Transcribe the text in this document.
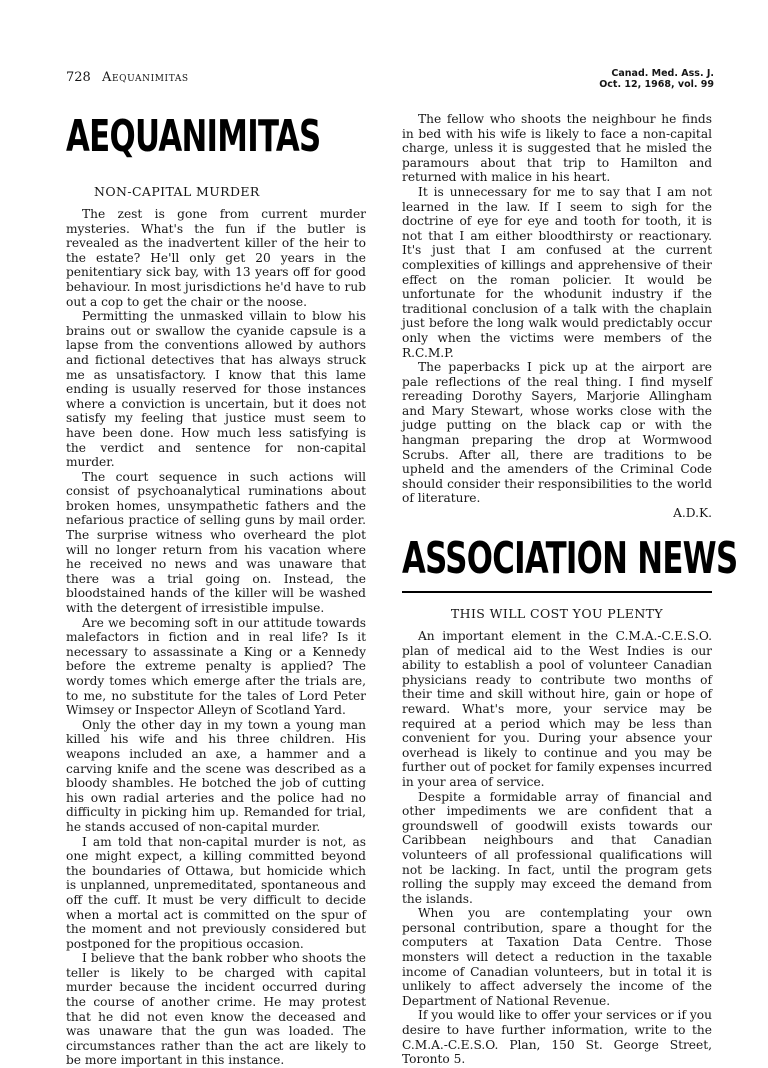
728 Aequanimitas	Canad. Med. Ass. J.
Oct. 12, 1968, vol. 99
AEQUANIMITAS
NON-CAPITAL MURDER

The zest is gone from current murder mysteries. What's the fun if the butler is revealed as the inadvertent killer of the heir to the estate? He'll only get 20 years in the penitentiary sick bay, with 13 years off for good behaviour. In most jurisdictions he'd have to rub out a cop to get the chair or the noose.

Permitting the unmasked villain to blow his brains out or swallow the cyanide capsule is a lapse from the conventions allowed by authors and fictional detectives that has always struck me as unsatisfactory. I know that this lame ending is usually reserved for those instances where a conviction is uncertain, but it does not satisfy my feeling that justice must seem to have been done. How much less satisfying is the verdict and sentence for non-capital murder.

The court sequence in such actions will consist of psychoanalytical ruminations about broken homes, unsympathetic fathers and the nefarious practice of selling guns by mail order. The surprise witness who overheard the plot will no longer return from his vacation where he received no news and was unaware that there was a trial going on. Instead, the bloodstained hands of the killer will be washed with the detergent of irresistible impulse.

Are we becoming soft in our attitude towards malefactors in fiction and in real life? Is it necessary to assassinate a King or a Kennedy before the extreme penalty is applied? The wordy tomes which emerge after the trials are, to me, no substitute for the tales of Lord Peter Wimsey or Inspector Alleyn of Scotland Yard.

Only the other day in my town a young man killed his wife and his three children. His weapons included an axe, a hammer and a carving knife and the scene was described as a bloody shambles. He botched the job of cutting his own radial arteries and the police had no difficulty in picking him up. Remanded for trial, he stands accused of non-capital murder.

I am told that non-capital murder is not, as one might expect, a killing committed beyond the boundaries of Ottawa, but homicide which is unplanned, unpremeditated, spontaneous and off the cuff. It must be very difficult to decide when a mortal act is committed on the spur of the moment and not previously considered but postponed for the propitious occasion.

I believe that the bank robber who shoots the teller is likely to be charged with capital murder because the incident occurred during the course of another crime. He may protest that he did not even know the deceased and was unaware that the gun was loaded. The circumstances rather than the act are likely to be more important in this instance.

The fellow who shoots the neighbour he finds in bed with his wife is likely to face a non-capital charge, unless it is suggested that he misled the paramours about that trip to Hamilton and returned with malice in his heart.

It is unnecessary for me to say that I am not learned in the law. If I seem to sigh for the doctrine of eye for eye and tooth for tooth, it is not that I am either bloodthirsty or reactionary. It's just that I am confused at the current complexities of killings and apprehensive of their effect on the roman policier. It would be unfortunate for the whodunit industry if the traditional conclusion of a talk with the chaplain just before the long walk would predictably occur only when the victims were members of the R.C.M.P.

The paperbacks I pick up at the airport are pale reflections of the real thing. I find myself rereading Dorothy Sayers, Marjorie Allingham and Mary Stewart, whose works close with the judge putting on the black cap or with the hangman preparing the drop at Wormwood Scrubs. After all, there are traditions to be upheld and the amenders of the Criminal Code should consider their responsibilities to the world of literature.

A.D.K.
ASSOCIATION NEWS
THIS WILL COST YOU PLENTY

An important element in the C.M.A.-C.E.S.O. plan of medical aid to the West Indies is our ability to establish a pool of volunteer Canadian physicians ready to contribute two months of their time and skill without hire, gain or hope of reward. What's more, your service may be required at a period which may be less than convenient for you. During your absence your overhead is likely to continue and you may be further out of pocket for family expenses incurred in your area of service.

Despite a formidable array of financial and other impediments we are confident that a groundswell of goodwill exists towards our Caribbean neighbours and that Canadian volunteers of all professional qualifications will not be lacking. In fact, until the program gets rolling the supply may exceed the demand from the islands.

When you are contemplating your own personal contribution, spare a thought for the computers at Taxation Data Centre. Those monsters will detect a reduction in the taxable income of Canadian volunteers, but in total it is unlikely to affect adversely the income of the Department of National Revenue.

If you would like to offer your services or if you desire to have further information, write to the C.M.A.-C.E.S.O. Plan, 150 St. George Street, Toronto 5.
